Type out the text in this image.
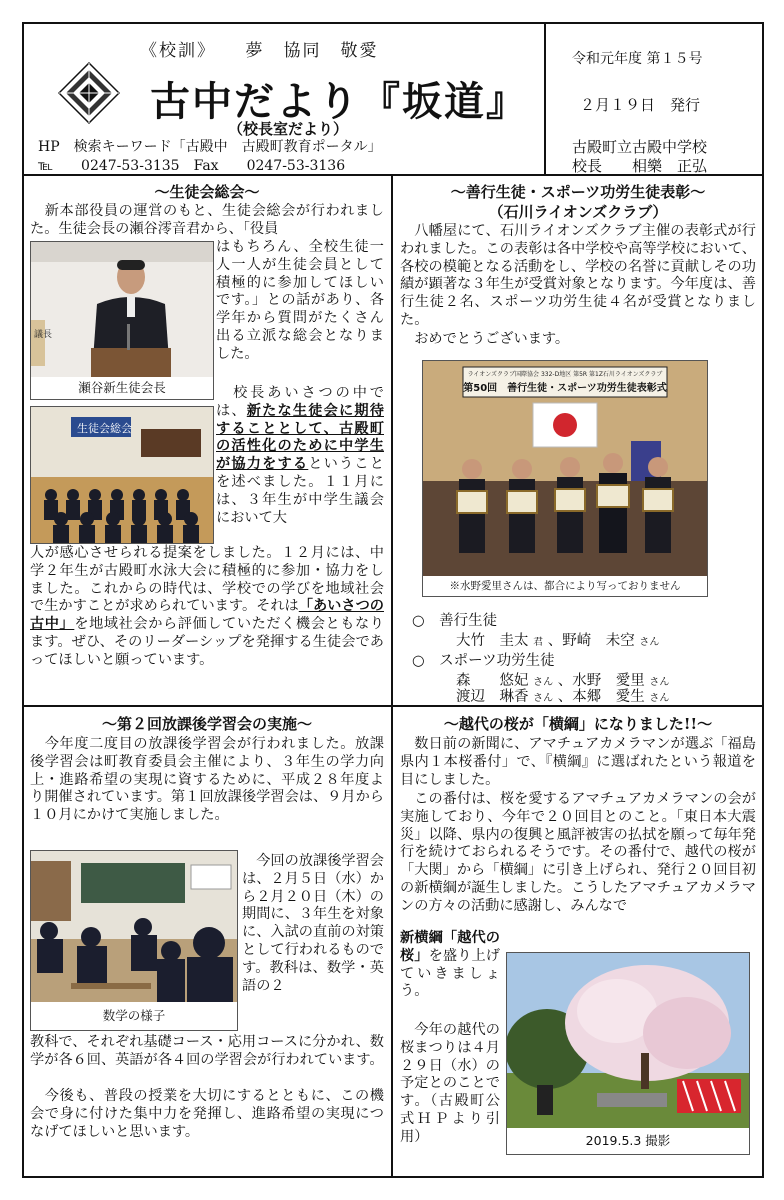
《校訓》　　夢　協同　敬愛
古中だより『坂道』
（校長室だより）
HP　検索キーワード「古殿中　古殿町教育ポータル」
℡　　0247-53-3135　Fax　　0247-53-3136
令和元年度 第１５号
２月１９日　発行
古殿町立古殿中学校
校長　　相樂　正弘
～生徒会総会～
　新本部役員の運営のもと、生徒会総会が行われました。生徒会長の瀬谷澪音君から、「役員
議長
瀬谷新生徒会長
はもちろん、全校生徒一人一人が生徒会員として積極的に参加してほしいです。」との話があり、各学年から質問がたくさん出る立派な総会となりました。
生徒会総会
　校長あいさつの中では、新たな生徒会に期待することとして、古殿町の活性化のために中学生が協力をするということを述べました。１１月には、３年生が中学生議会において大
人が感心させられる提案をしました。１２月には、中学２年生が古殿町水泳大会に積極的に参加・協力をしました。これからの時代は、学校での学びを地域社会で生かすことが求められています。それは「あいさつの古中」を地域社会から評価していただく機会ともなります。ぜひ、そのリーダーシップを発揮する生徒会であってほしいと願っています。
～第２回放課後学習会の実施～
　今年度二度目の放課後学習会が行われました。放課後学習会は町教育委員会主催により、３年生の学力向上・進路希望の実現に資するために、平成２８年度より開催されています。第１回放課後学習会は、９月から１０月にかけて実施しました。
数学の様子
　今回の放課後学習会は、２月５日（水）から２月２０日（木）の期間に、３年生を対象に、入試の直前の対策として行われるものです。教科は、数学・英語の２
教科で、それぞれ基礎コース・応用コースに分かれ、数学が各６回、英語が各４回の学習会が行われています。
　今後も、普段の授業を大切にするとともに、この機会で身に付けた集中力を発揮し、進路希望の実現につなげてほしいと思います。
～善行生徒・スポーツ功労生徒表彰～
（石川ライオンズクラブ）
　八幡屋にて、石川ライオンズクラブ主催の表彰式が行われました。この表彰は各中学校や高等学校において、各校の模範となる活動をし、学校の名誉に貢献しその功績が顕著な３年生が受賞対象となります。今年度は、善行生徒２名、スポーツ功労生徒４名が受賞となりました。
　おめでとうございます。
ライオンズクラブ国際協会 332-D地区 第5R 第1Z石川ライオンズクラブ
第50回　善行生徒・スポーツ功労生徒表彰式
※水野愛里さんは、都合により写っておりません
○　善行生徒
大竹　圭太 君 、野崎　未空 さん
○　スポーツ功労生徒
森　　悠妃 さん 、水野　愛里 さん
渡辺　琳香 さん 、本郷　愛生 さん
～越代の桜が「横綱」になりました!!～
　数日前の新聞に、アマチュアカメラマンが選ぶ「福島県内１本桜番付」で、『横綱』に選ばれたという報道を目にしました。
　この番付は、桜を愛するアマチュアカメラマンの会が実施しており、今年で２０回目とのこと。「東日本大震災」以降、県内の復興と風評被害の払拭を願って毎年発行を続けておられるそうです。その番付で、越代の桜が「大関」から「横綱」に引き上げられ、発行２０回目初の新横綱が誕生しました。こうしたアマチュアカメラマンの方々の活動に感謝し、みんなで
2019.5.3 撮影
新横綱「越代の桜」を盛り上げていきましょう。
　今年の越代の桜まつりは４月２９日（水）の予定とのことです。（古殿町公式ＨＰより引用）
